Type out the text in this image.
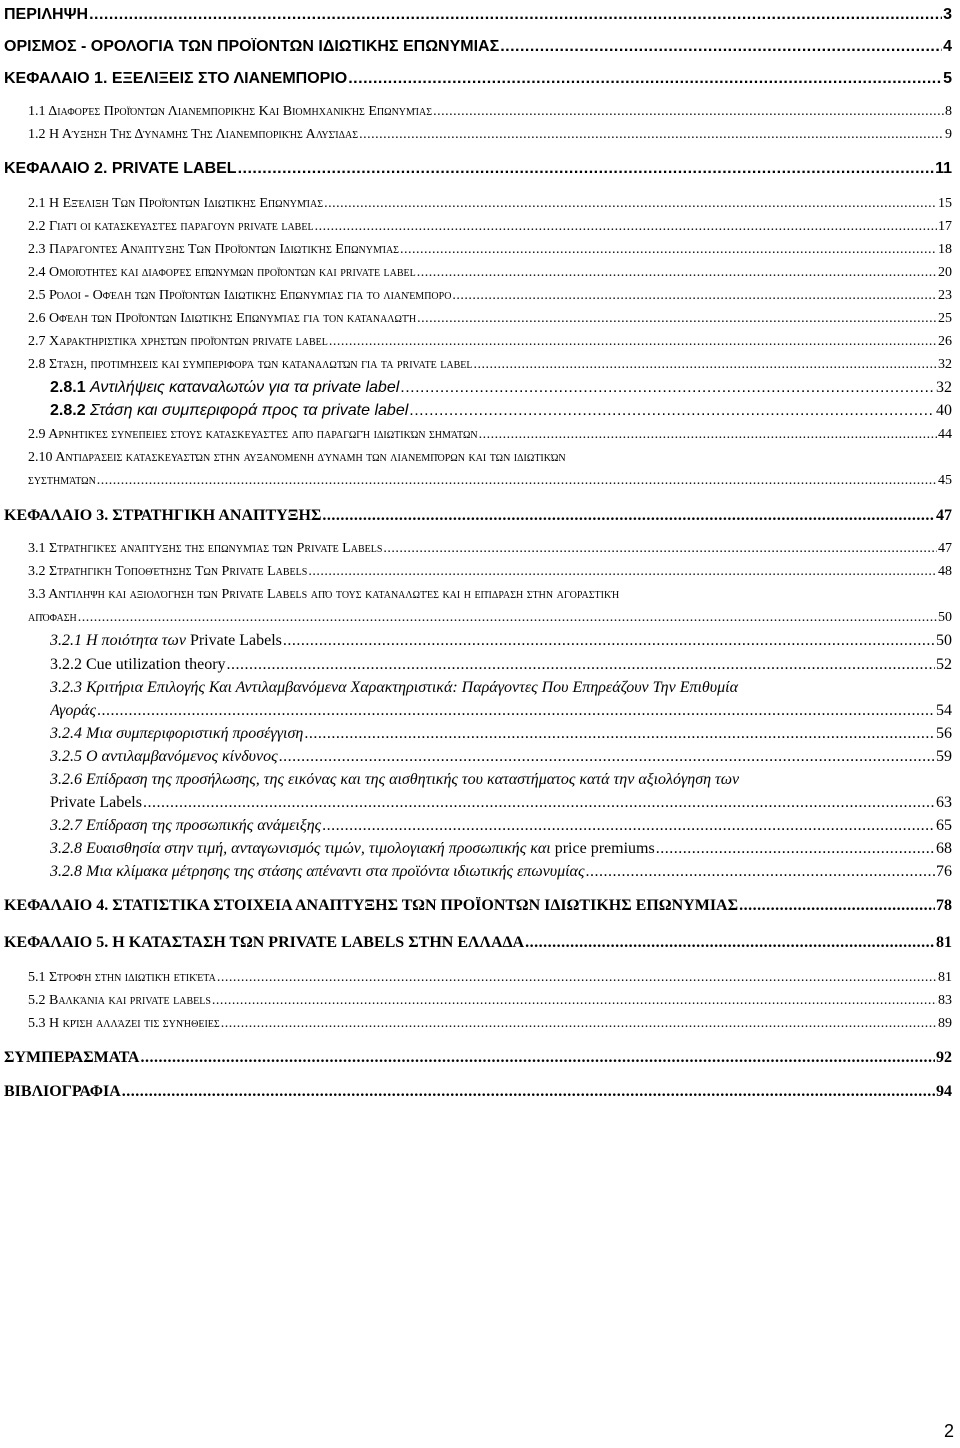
ΠΕΡΙΛΗΨΗ .....	3
ΟΡΙΣΜΟΣ - ΟΡΟΛΟΓΙΑ ΤΩΝ ΠΡΟΪΟΝΤΩΝ ΙΔΙΩΤΙΚΗΣ ΕΠΩΝΥΜΙΑΣ .....	4
ΚΕΦΑΛΑΙΟ 1. ΕΞΕΛΙΞΕΙΣ ΣΤΟ ΛΙΑΝΕΜΠΟΡΙΟ .....	5
1.1 Διαφορές Προϊόντων Λιανεμπορικής Και Βιομηχανικής Επωνυμίας .....	8
1.2 Η Αύξηση Της Δύναμης Της Λιανεμπορικής Αλυσίδας .....	9
ΚΕΦΑΛΑΙΟ 2. PRIVATE LABEL .....	11
2.1 Η Εξέλιξη Των Προϊόντων Ιδιωτικής Επωνυμίας .....	15
2.2 Γιατί οι κατασκευαστές παράγουν private label .....	17
2.3 Παράγοντες Ανάπτυξης Των Προϊόντων Ιδιωτικής Επωνυμίας .....	18
2.4 Ομοιότητες και διαφορές επώνυμων προϊόντων και private label .....	20
2.5 Ρόλοι - Οφέλη των Προϊόντων Ιδιωτικής Επωνυμίας για το λιανέμπορο .....	23
2.6 Οφέλη των Προϊόντων Ιδιωτικής Επωνυμίας για τον καταναλωτή .....	25
2.7 Χαρακτηριστικά χρηστών προϊόντων private label .....	26
2.8 Στάση, προτιμήσεις και συμπεριφορά των καταναλωτών για τα private label .....	32
2.8.1 Αντιλήψεις καταναλωτών για τα private label .....	32
2.8.2 Στάση και συμπεριφορά προς τα private label .....	40
2.9 Αρνητικές συνέπειες στους κατασκευαστές από παραγωγή ιδιωτικών σημάτων .....	44
2.10 Αντιδράσεις κατασκευαστών στην αυξανόμενη δύναμη των λιανεμπόρων και των ιδιωτικών
συστημάτων .....	45
ΚΕΦΑΛΑΙΟ 3. ΣΤΡΑΤΗΓΙΚΗ ΑΝΑΠΤΥΞΗΣ .....	47
3.1 Στρατηγικές ανάπτυξης της επωνυμίας των Private Labels .....	47
3.2 Στρατηγική Τοποθέτησης Των Private Labels .....	48
3.3 Αντίληψη και αξιολόγηση των Private Labels από τους καταναλωτές και η επίδραση στην αγοραστική
απόφαση .....	50
3.2.1 Η ποιότητα των Private Labels .....	50
3.2.2 Cue utilization theory .....	52
3.2.3 Κριτήρια Επιλογής Και Αντιλαμβανόμενα Χαρακτηριστικά: Παράγοντες Που Επηρεάζουν Την Επιθυμία
Αγοράς .....	54
3.2.4 Μια συμπεριφοριστική προσέγγιση .....	56
3.2.5 Ο αντιλαμβανόμενος κίνδυνος .....	59
3.2.6 Επίδραση της προσήλωσης, της εικόνας και της αισθητικής του καταστήματος κατά την αξιολόγηση των
Private Labels .....	63
3.2.7 Επίδραση της προσωπικής ανάμειξης .....	65
3.2.8 Ευαισθησία στην τιμή, ανταγωνισμός τιμών, τιμολογιακή προσωπικής και price premiums .....	68
3.2.8 Μια κλίμακα μέτρησης της στάσης απέναντι στα προϊόντα ιδιωτικής επωνυμίας .....	76
ΚΕΦΑΛΑΙΟ 4. ΣΤΑΤΙΣΤΙΚΑ ΣΤΟΙΧΕΙΑ ΑΝΑΠΤΥΞΗΣ ΤΩΝ ΠΡΟΪΟΝΤΩΝ ΙΔΙΩΤΙΚΗΣ ΕΠΩΝΥΜΙΑΣ .....	78
ΚΕΦΑΛΑΙΟ 5. Η ΚΑΤΑΣΤΑΣΗ ΤΩΝ PRIVATE LABELS ΣΤΗΝ ΕΛΛΑΔΑ .....	81
5.1 Στροφή στην ιδιωτική ετικέτα .....	81
5.2 Βαλκάνια και private labels .....	83
5.3 Η κρίση αλλάζει τις συνήθειες .....	89
ΣΥΜΠΕΡΑΣΜΑΤΑ .....	92
ΒΙΒΛΙΟΓΡΑΦΙΑ .....	94
2
